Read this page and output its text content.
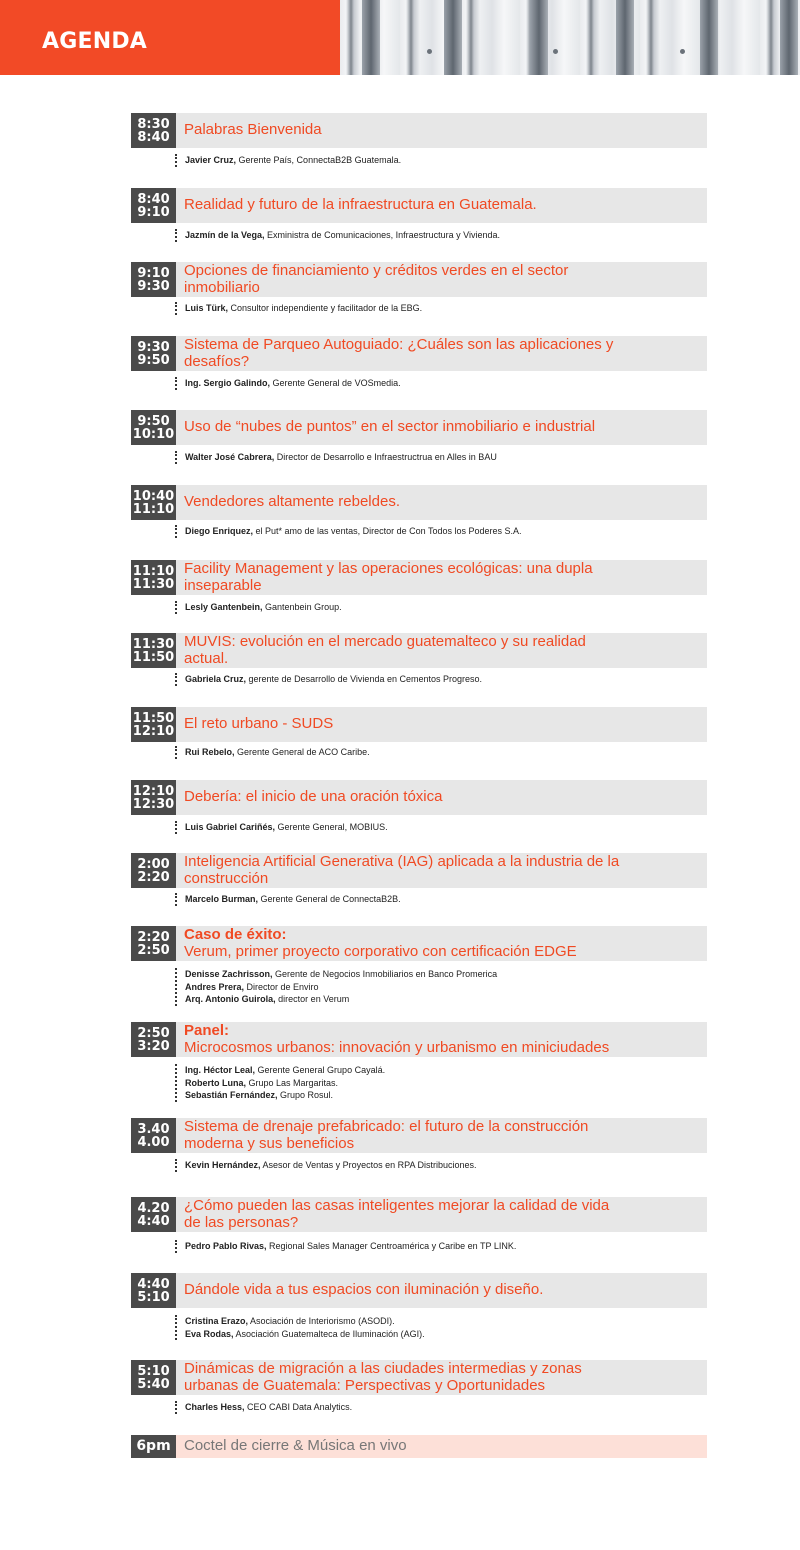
AGENDA
8:30
8:40 Palabras Bienvenida
Javier Cruz, Gerente País, ConnectaB2B Guatemala.
8:40
9:10 Realidad y futuro de la infraestructura en Guatemala.
Jazmín de la Vega, Exministra de Comunicaciones, Infraestructura y Vivienda.
9:10
9:30
Opciones de financiamiento y créditos verdes en el sector inmobiliario
Luis Türk, Consultor independiente y facilitador de la EBG.
9:30
9:50
Sistema de Parqueo Autoguiado: ¿Cuáles son las aplicaciones y desafíos?
Ing. Sergio Galindo, Gerente General de VOSmedia.
9:50
10:10 Uso de “nubes de puntos” en el sector inmobiliario e industrial
Walter José Cabrera, Director de Desarrollo e Infraestructrua en Alles in BAU
10:40
11:10 Vendedores altamente rebeldes.
Diego Enriquez, el Put* amo de las ventas, Director de Con Todos los Poderes S.A.
11:10
11:30
Facility Management y las operaciones ecológicas: una dupla inseparable
Lesly Gantenbein, Gantenbein Group.
11:30
11:50
MUVIS: evolución en el mercado guatemalteco y su realidad actual.
Gabriela Cruz, gerente de Desarrollo de Vivienda en Cementos Progreso.
11:50
12:10 El reto urbano - SUDS
Rui Rebelo, Gerente General de ACO Caribe.
12:10
12:30 Debería: el inicio de una oración tóxica
Luis Gabriel Cariñés, Gerente General, MOBIUS.
2:00
2:20
Inteligencia Artificial Generativa (IAG) aplicada a la industria de la construcción
Marcelo Burman, Gerente General de ConnectaB2B.
2:20
2:50
Caso de éxito:
Verum, primer proyecto corporativo con certificación EDGE
Denisse Zachrisson, Gerente de Negocios Inmobiliarios en Banco Promerica
Andres Prera, Director de Enviro
Arq. Antonio Guirola, director en Verum
2:50
3:20
Panel:
Microcosmos urbanos: innovación y urbanismo en miniciudades
Ing. Héctor Leal, Gerente General Grupo Cayalá.
Roberto Luna, Grupo Las Margaritas.
Sebastián Fernández, Grupo Rosul.
3.40
4.00
Sistema de drenaje prefabricado: el futuro de la construcción moderna y sus beneficios
Kevin Hernández, Asesor de Ventas y Proyectos en RPA Distribuciones.
4.20
4:40
¿Cómo pueden las casas inteligentes mejorar la calidad de vida de las personas?
Pedro Pablo Rivas, Regional Sales Manager Centroamérica y Caribe en TP LINK.
4:40
5:10 Dándole vida a tus espacios con iluminación y diseño.
Cristina Erazo, Asociación de Interiorismo (ASODI).
Eva Rodas, Asociación Guatemalteca de Iluminación (AGI).
5:10
5:40
Dinámicas de migración a las ciudades intermedias y zonas urbanas de Guatemala: Perspectivas y Oportunidades
Charles Hess, CEO CABI Data Analytics.
6pm Coctel de cierre & Música en vivo
